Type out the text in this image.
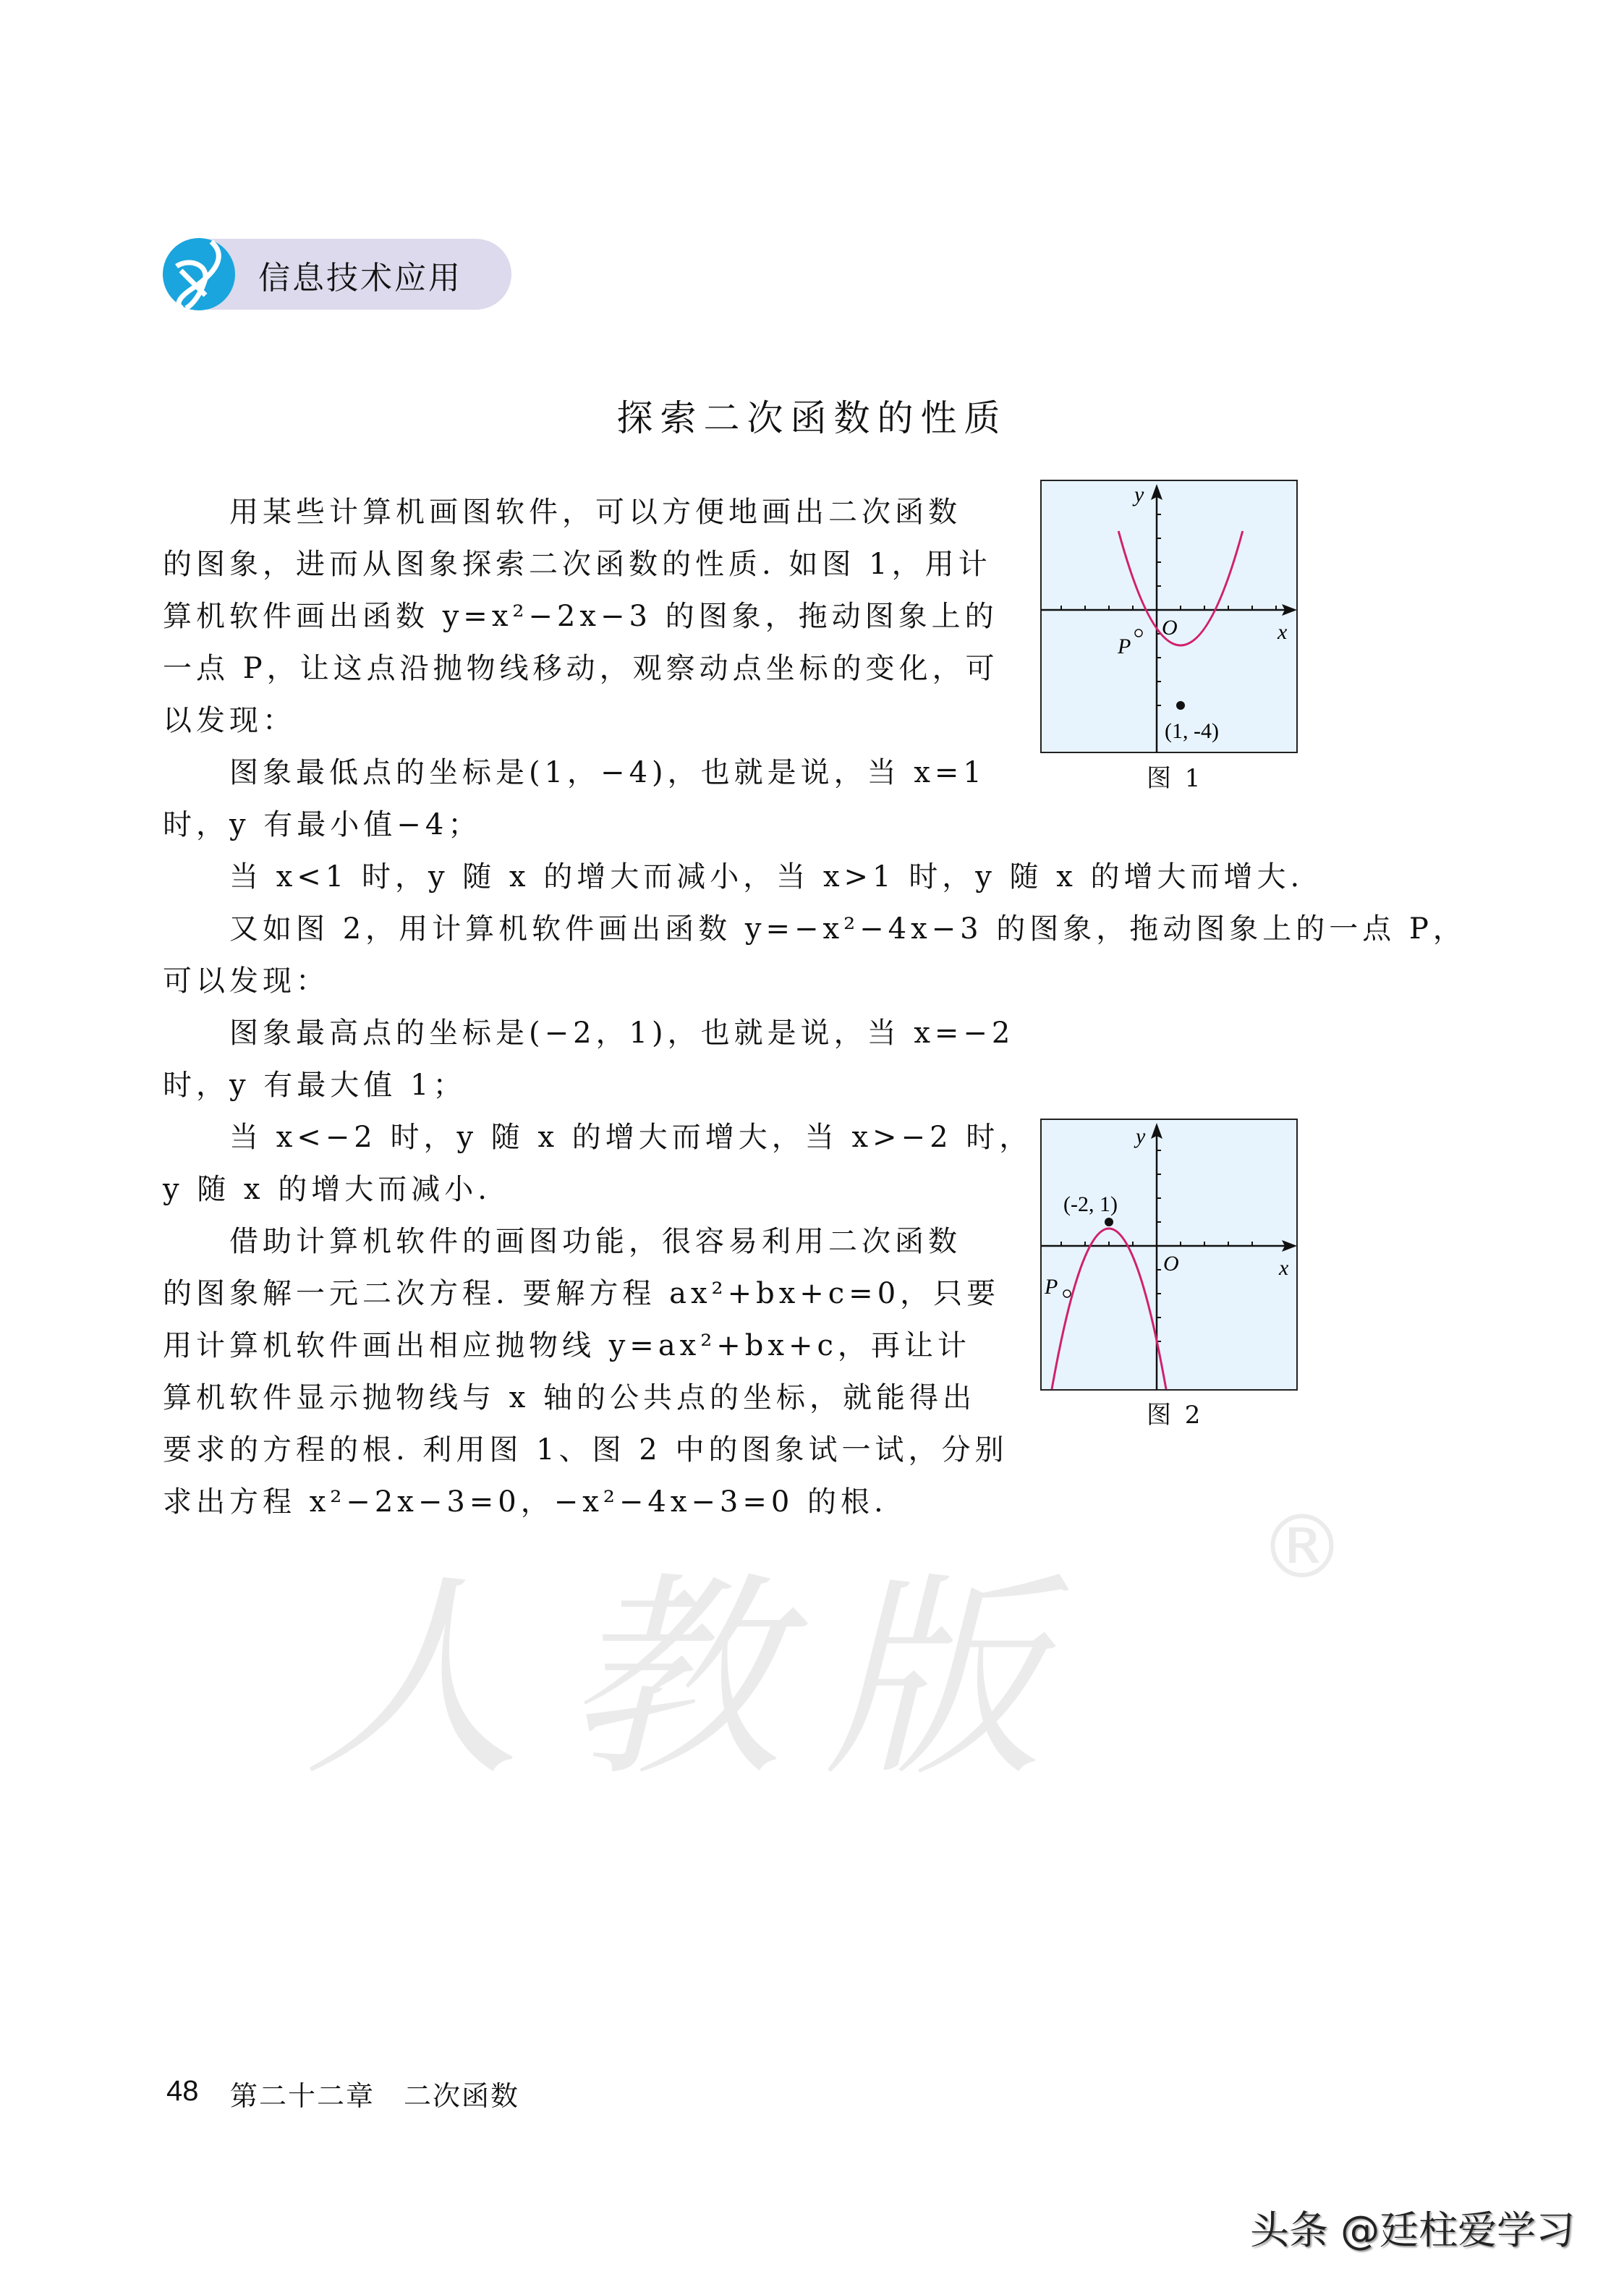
人教版
®
信息技术应用
探索二次函数的性质
　　用某些计算机画图软件，可以方便地画出二次函数
的图象，进而从图象探索二次函数的性质. 如图 1，用计
算机软件画出函数 y=x²−2x−3 的图象，拖动图象上的
一点 P，让这点沿抛物线移动，观察动点坐标的变化，可
以发现：
　　图象最低点的坐标是(1，−4)，也就是说，当 x=1
时，y 有最小值−4；
　　当 x<1 时，y 随 x 的增大而减小，当 x>1 时，y 随 x 的增大而增大.
　　又如图 2，用计算机软件画出函数 y=−x²−4x−3 的图象，拖动图象上的一点 P，
可以发现：
　　图象最高点的坐标是(−2，1)，也就是说，当 x=−2
时，y 有最大值 1；
　　当 x<−2 时，y 随 x 的增大而增大，当 x>−2 时，
y 随 x 的增大而减小.
　　借助计算机软件的画图功能，很容易利用二次函数
的图象解一元二次方程. 要解方程 ax²+bx+c=0，只要
用计算机软件画出相应抛物线 y=ax²+bx+c，再让计
算机软件显示抛物线与 x 轴的公共点的坐标，就能得出
要求的方程的根. 利用图 1、图 2 中的图象试一试，分别
求出方程 x²−2x−3=0，−x²−4x−3=0 的根.
P
O	x
y
(1, -4)
图 1
P
O	x
y
(-2, 1)
图 2
48 第二十二章　二次函数
头条 @廷柱爱学习
